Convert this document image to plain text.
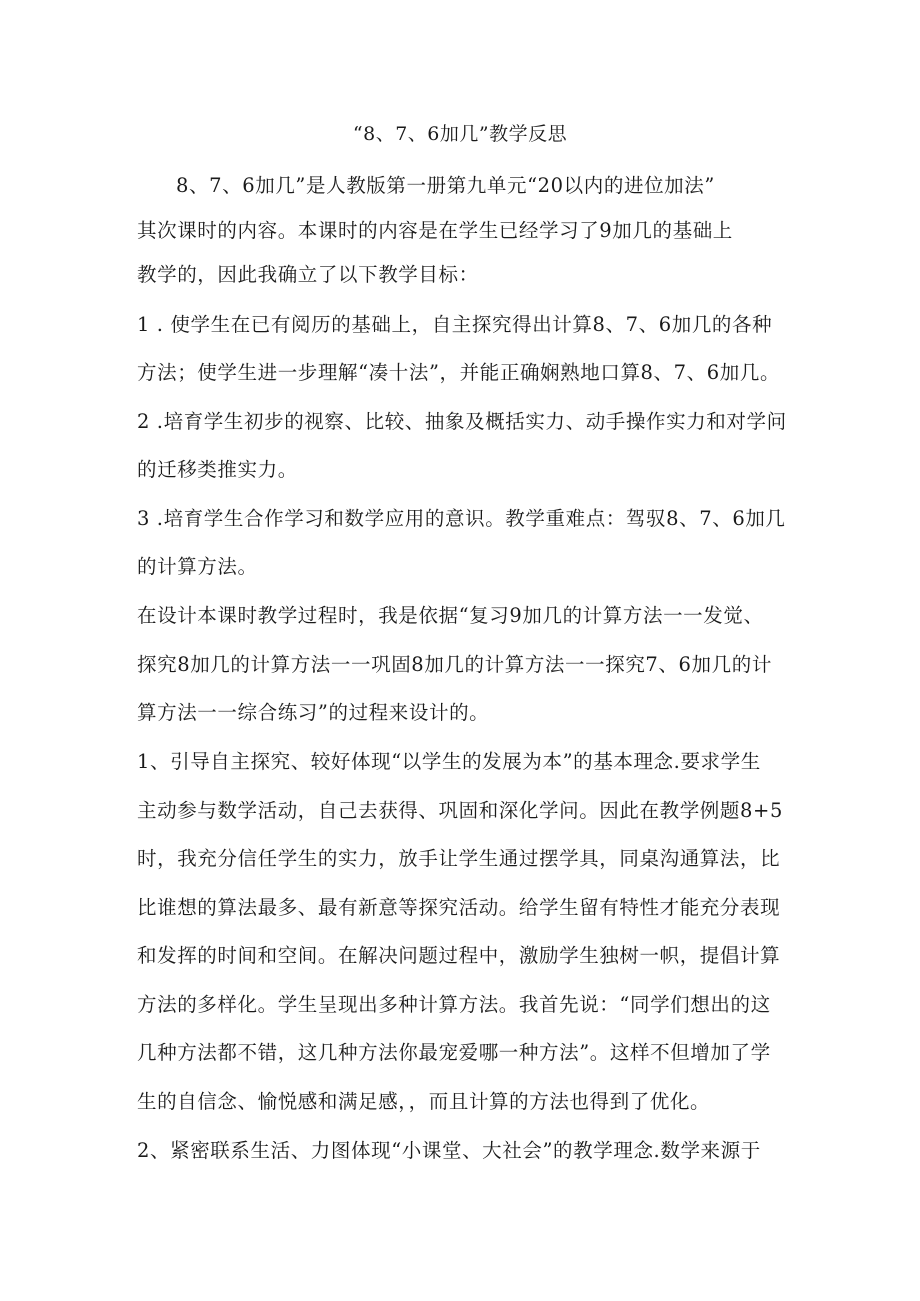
“8、7、6加几”教学反思
8、7、6加几”是人教版第一册第九单元“20以内的进位加法”
其次课时的内容。本课时的内容是在学生已经学习了9加几的基础上
教学的，因此我确立了以下教学目标：
1 . 使学生在已有阅历的基础上，自主探究得出计算8、7、6加几的各种
方法；使学生进一步理解“凑十法”，并能正确娴熟地口算8、7、6加几。
2 .培育学生初步的视察、比较、抽象及概括实力、动手操作实力和对学问
的迁移类推实力。
3 .培育学生合作学习和数学应用的意识。教学重难点：驾驭8、7、6加几
的计算方法。
在设计本课时教学过程时，我是依据“复习9加几的计算方法一一发觉、
探究8加几的计算方法一一巩固8加几的计算方法一一探究7、6加几的计
算方法一一综合练习”的过程来设计的。
1、引导自主探究、较好体现“以学生的发展为本”的基本理念.要求学生
主动参与数学活动，自己去获得、巩固和深化学问。因此在教学例题8+5
时，我充分信任学生的实力，放手让学生通过摆学具，同桌沟通算法，比
比谁想的算法最多、最有新意等探究活动。给学生留有特性才能充分表现
和发挥的时间和空间。在解决问题过程中，激励学生独树一帜，提倡计算
方法的多样化。学生呈现出多种计算方法。我首先说：“同学们想出的这
几种方法都不错，这几种方法你最宠爱哪一种方法”。这样不但增加了学
生的自信念、愉悦感和满足感，，而且计算的方法也得到了优化。
2、紧密联系生活、力图体现“小课堂、大社会”的教学理念.数学来源于
